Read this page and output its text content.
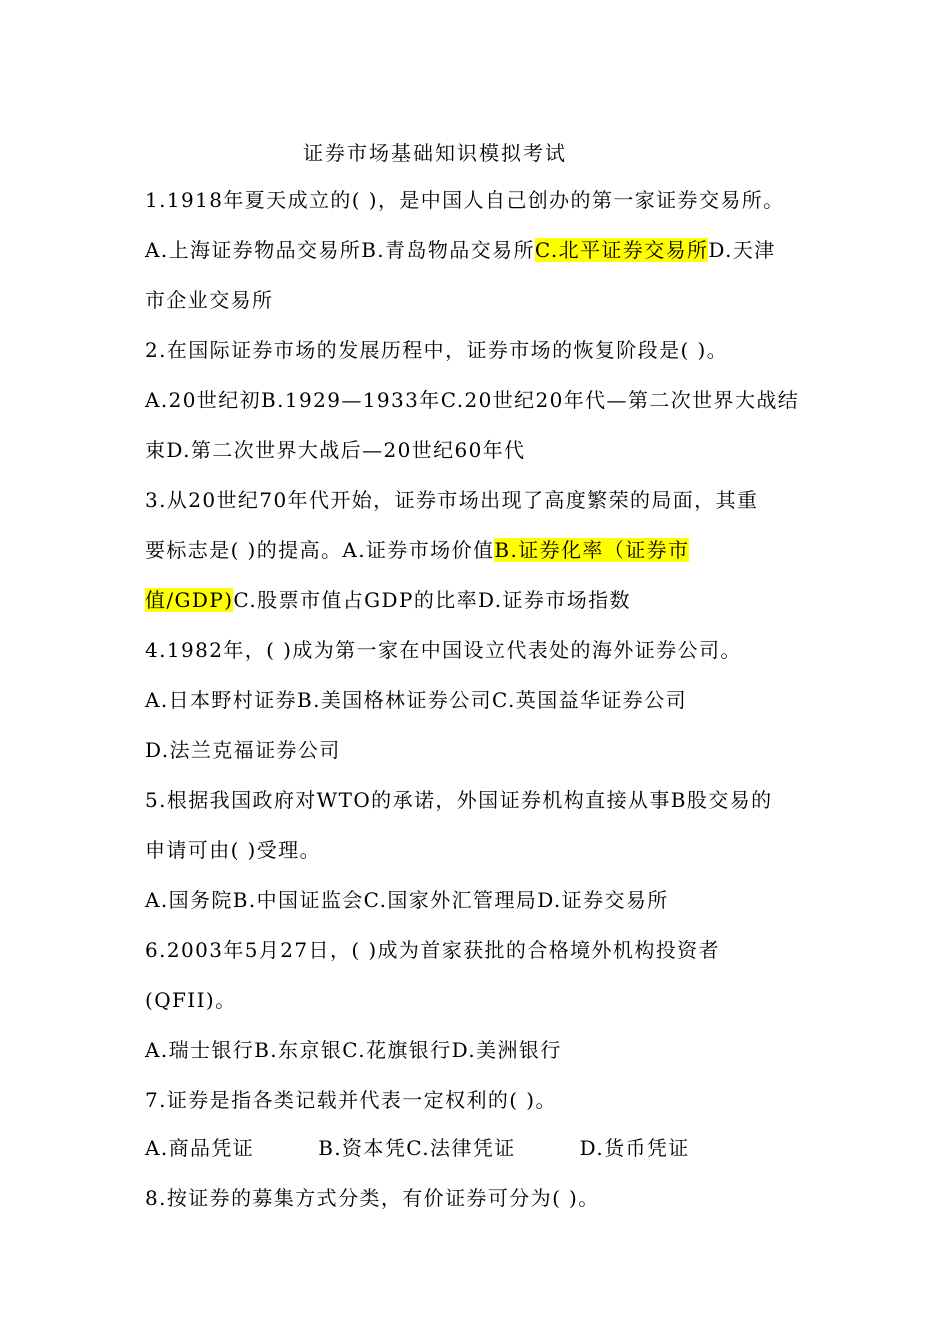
证券市场基础知识模拟考试
1.1918年夏天成立的( )，是中国人自己创办的第一家证券交易所。
A.上海证券物品交易所B.青岛物品交易所C.北平证券交易所D.天津
市企业交易所
2.在国际证券市场的发展历程中，证券市场的恢复阶段是( )。
A.20世纪初B.1929—1933年C.20世纪20年代—第二次世界大战结
束D.第二次世界大战后—20世纪60年代
3.从20世纪70年代开始，证券市场出现了高度繁荣的局面，其重
要标志是( )的提高。A.证券市场价值B.证券化率（证券市
值/GDP)C.股票市值占GDP的比率D.证券市场指数
4.1982年，( )成为第一家在中国设立代表处的海外证券公司。
A.日本野村证券B.美国格林证券公司C.英国益华证券公司
D.法兰克福证券公司
5.根据我国政府对WTO的承诺，外国证券机构直接从事B股交易的
申请可由( )受理。
A.国务院B.中国证监会C.国家外汇管理局D.证券交易所
6.2003年5月27日，( )成为首家获批的合格境外机构投资者
(QFII)。
A.瑞士银行B.东京银C.花旗银行D.美洲银行
7.证券是指各类记载并代表一定权利的( )。
A.商品凭证	B.资本凭C.法律凭证	D.货币凭证
8.按证券的募集方式分类，有价证券可分为( )。
